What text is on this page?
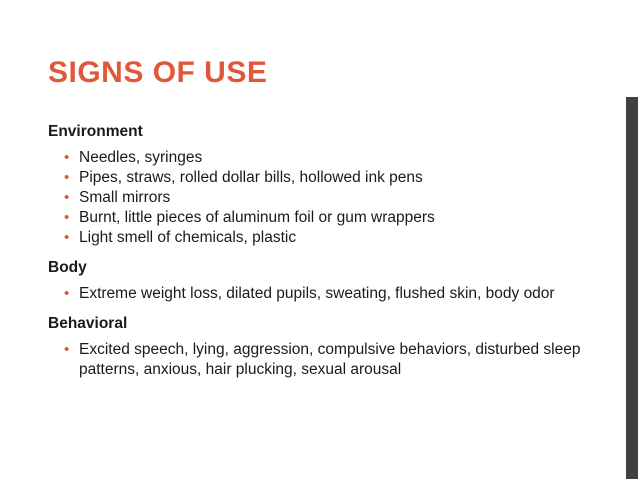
SIGNS OF USE

Environment

• Needles, syringes
• Pipes, straws, rolled dollar bills, hollowed ink pens
• Small mirrors
• Burnt, little pieces of aluminum foil or gum wrappers
• Light smell of chemicals, plastic

Body

• Extreme weight loss, dilated pupils, sweating, flushed skin, body odor

Behavioral

• Excited speech, lying, aggression, compulsive behaviors, disturbed sleep patterns, anxious, hair plucking, sexual arousal
